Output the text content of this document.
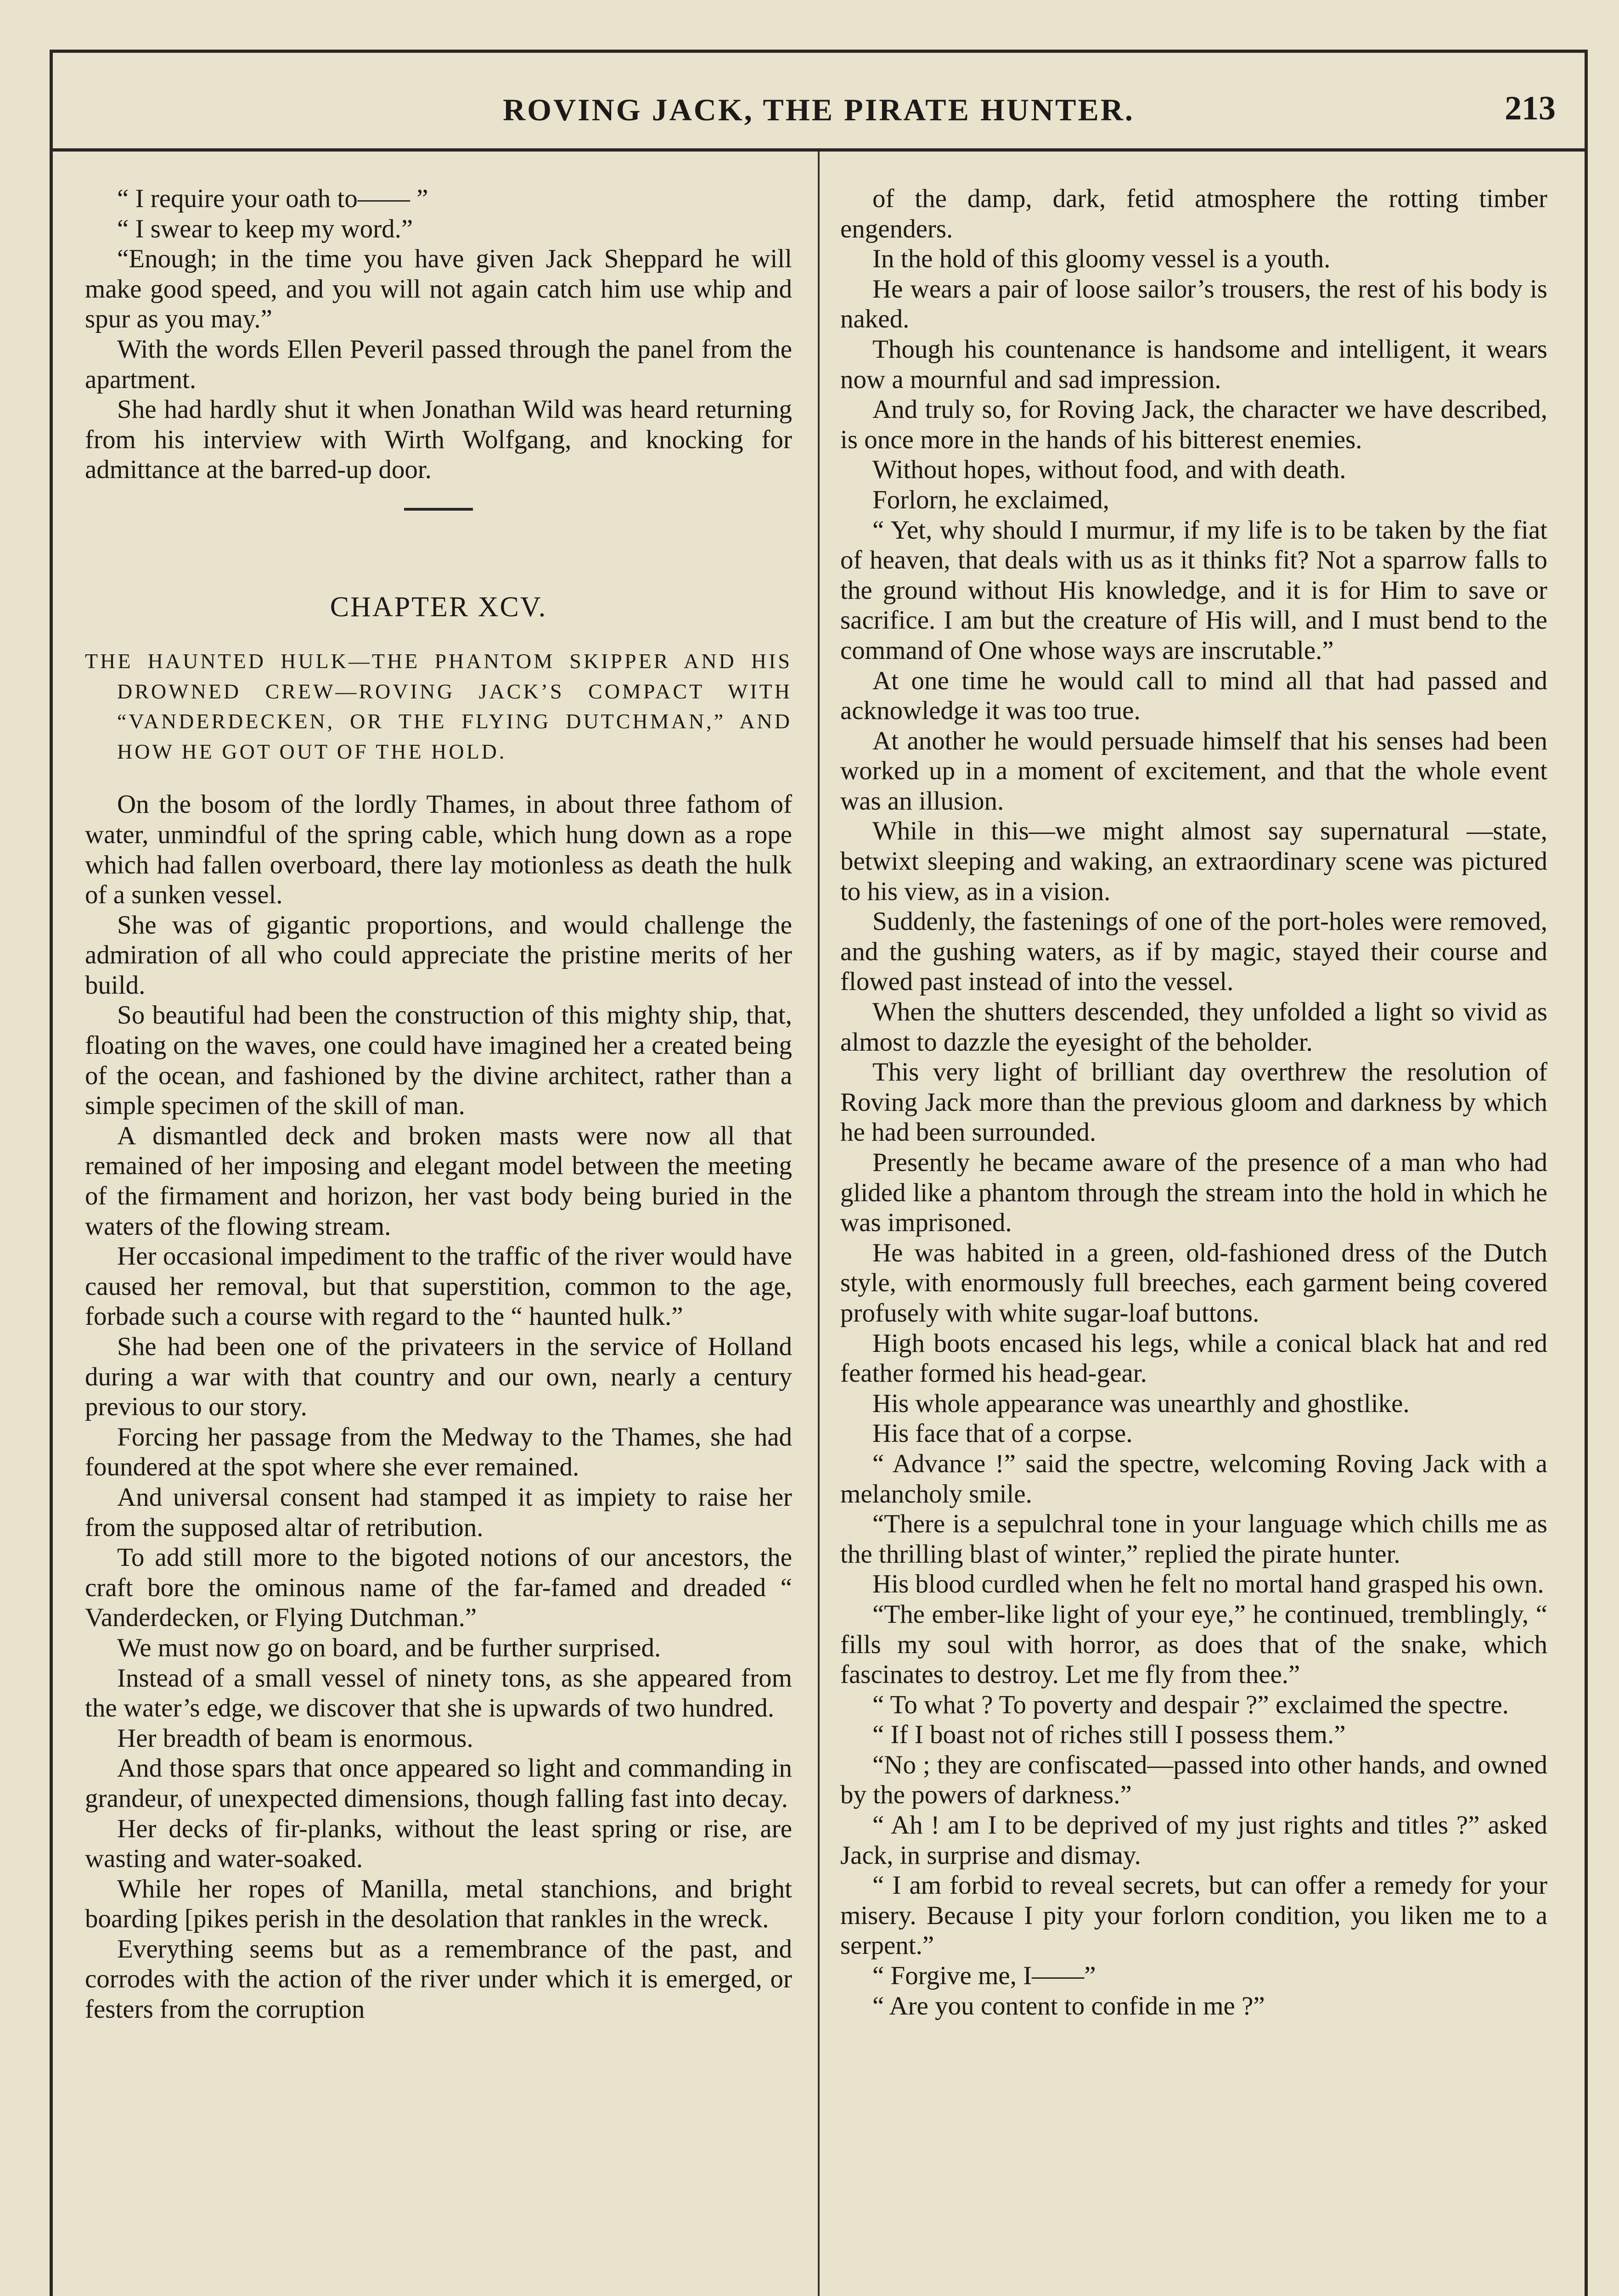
ROVING JACK, THE PIRATE HUNTER.	213

“ I require your oath to—— ”

“ I swear to keep my word.”

“Enough; in the time you have given Jack Sheppard he will make good speed, and you will not again catch him use whip and spur as you may.”

With the words Ellen Peveril passed through the panel from the apartment.

She had hardly shut it when Jonathan Wild was heard returning from his interview with Wirth Wolfgang, and knocking for admittance at the barred-up door.

CHAPTER XCV.

THE HAUNTED HULK—THE PHANTOM SKIPPER AND HIS DROWNED CREW—ROVING JACK’S COMPACT WITH “VANDERDECKEN, OR THE FLYING DUTCHMAN,” AND HOW HE GOT OUT OF THE HOLD.

On the bosom of the lordly Thames, in about three fathom of water, unmindful of the spring cable, which hung down as a rope which had fallen overboard, there lay motionless as death the hulk of a sunken vessel.

She was of gigantic proportions, and would challenge the admiration of all who could appreciate the pristine merits of her build.

So beautiful had been the construction of this mighty ship, that, floating on the waves, one could have imagined her a created being of the ocean, and fashioned by the divine architect, rather than a simple specimen of the skill of man.

A dismantled deck and broken masts were now all that remained of her imposing and elegant model between the meeting of the firmament and horizon, her vast body being buried in the waters of the flowing stream.

Her occasional impediment to the traffic of the river would have caused her removal, but that superstition, common to the age, forbade such a course with regard to the “ haunted hulk.”

She had been one of the privateers in the service of Holland during a war with that country and our own, nearly a century previous to our story.

Forcing her passage from the Medway to the Thames, she had foundered at the spot where she ever remained.

And universal consent had stamped it as impiety to raise her from the supposed altar of retribution.

To add still more to the bigoted notions of our ancestors, the craft bore the ominous name of the far-famed and dreaded “ Vanderdecken, or Flying Dutchman.”

We must now go on board, and be further surprised.

Instead of a small vessel of ninety tons, as she appeared from the water’s edge, we discover that she is upwards of two hundred.

Her breadth of beam is enormous.

And those spars that once appeared so light and commanding in grandeur, of unexpected dimensions, though falling fast into decay.

Her decks of fir-planks, without the least spring or rise, are wasting and water-soaked.

While her ropes of Manilla, metal stanchions, and bright boarding [pikes perish in the desolation that rankles in the wreck.

Everything seems but as a remembrance of the past, and corrodes with the action of the river under which it is emerged, or festers from the corruption

of the damp, dark, fetid atmosphere the rotting timber engenders.

In the hold of this gloomy vessel is a youth.

He wears a pair of loose sailor’s trousers, the rest of his body is naked.

Though his countenance is handsome and intelligent, it wears now a mournful and sad impression.

And truly so, for Roving Jack, the character we have described, is once more in the hands of his bitterest enemies.

Without hopes, without food, and with death.

Forlorn, he exclaimed,

“ Yet, why should I murmur, if my life is to be taken by the fiat of heaven, that deals with us as it thinks fit? Not a sparrow falls to the ground without His knowledge, and it is for Him to save or sacrifice. I am but the creature of His will, and I must bend to the command of One whose ways are inscrutable.”

At one time he would call to mind all that had passed and acknowledge it was too true.

At another he would persuade himself that his senses had been worked up in a moment of excitement, and that the whole event was an illusion.

While in this—we might almost say supernatural —state, betwixt sleeping and waking, an extraordinary scene was pictured to his view, as in a vision.

Suddenly, the fastenings of one of the port-holes were removed, and the gushing waters, as if by magic, stayed their course and flowed past instead of into the vessel.

When the shutters descended, they unfolded a light so vivid as almost to dazzle the eyesight of the beholder.

This very light of brilliant day overthrew the resolution of Roving Jack more than the previous gloom and darkness by which he had been surrounded.

Presently he became aware of the presence of a man who had glided like a phantom through the stream into the hold in which he was imprisoned.

He was habited in a green, old-fashioned dress of the Dutch style, with enormously full breeches, each garment being covered profusely with white sugar-loaf buttons.

High boots encased his legs, while a conical black hat and red feather formed his head-gear.

His whole appearance was unearthly and ghostlike.

His face that of a corpse.

“ Advance !” said the spectre, welcoming Roving Jack with a melancholy smile.

“There is a sepulchral tone in your language which chills me as the thrilling blast of winter,” replied the pirate hunter.

His blood curdled when he felt no mortal hand grasped his own.

“The ember-like light of your eye,” he continued, tremblingly, “ fills my soul with horror, as does that of the snake, which fascinates to destroy. Let me fly from thee.”

“ To what ? To poverty and despair ?” exclaimed the spectre.

“ If I boast not of riches still I possess them.”

“No ; they are confiscated—passed into other hands, and owned by the powers of darkness.”

“ Ah ! am I to be deprived of my just rights and titles ?” asked Jack, in surprise and dismay.

“ I am forbid to reveal secrets, but can offer a remedy for your misery. Because I pity your forlorn condition, you liken me to a serpent.”

“ Forgive me, I——”

“ Are you content to confide in me ?”
